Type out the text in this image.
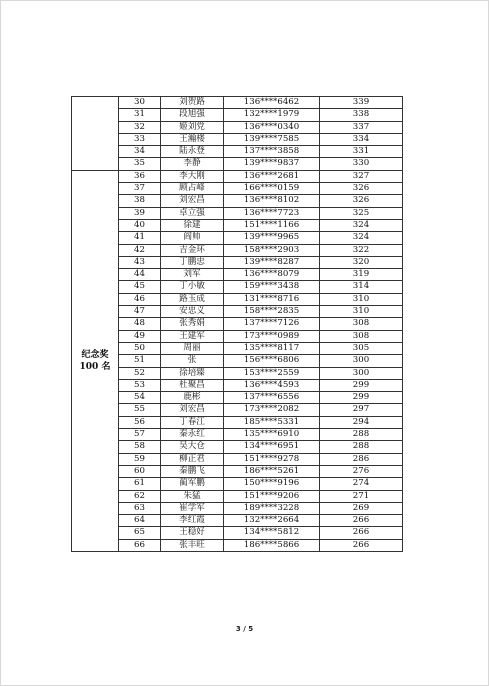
	30	刘贺路	136****6462	339
	31	段旭强	132****1979	338
	32	姬刘党	136****0340	337
	33	王瀚楼	139****7585	334
	34	陆永登	137****3858	331
	35	李静	139****9837	330

纪念奖
100 名	36	李大刚	136****2681	327
	37	顾占峰	166****0159	326
	38	刘宏昌	136****8102	326
	39	卓立强	136****7723	325
	40	徐建	151****1166	324
	41	阎帅	139****9965	324
	42	吉金环	158****2903	322
	43	丁鹏忠	139****8287	320
	44	刘军	136****8079	319
	45	丁小敏	159****3438	314
	46	路玉成	131****8716	310
	47	安忠义	158****2835	310
	48	张秀娟	137****7126	308
	49	王建军	173****0989	308
	50	周丽	135****8117	305
	51	张	156****6806	300
	52	徐培臻	153****2559	300
	53	杜聚昌	136****4593	299
	54	鹿彬	137****6556	299
	55	刘宏昌	173****2082	297
	56	丁春江	185****5331	294
	57	秦永红	135****6910	288
	58	吴大仓	134****6951	288
	59	柳正君	151****9278	286
	60	秦鹏飞	186****5261	276
	61	蔺军鹏	150****9196	274
	62	朱猛	151****9206	271
	63	崔学军	189****3228	269
	64	李红霞	132****2664	266
	65	王稳好	134****5812	266
	66	张丰旺	186****5866	266
3 / 5
